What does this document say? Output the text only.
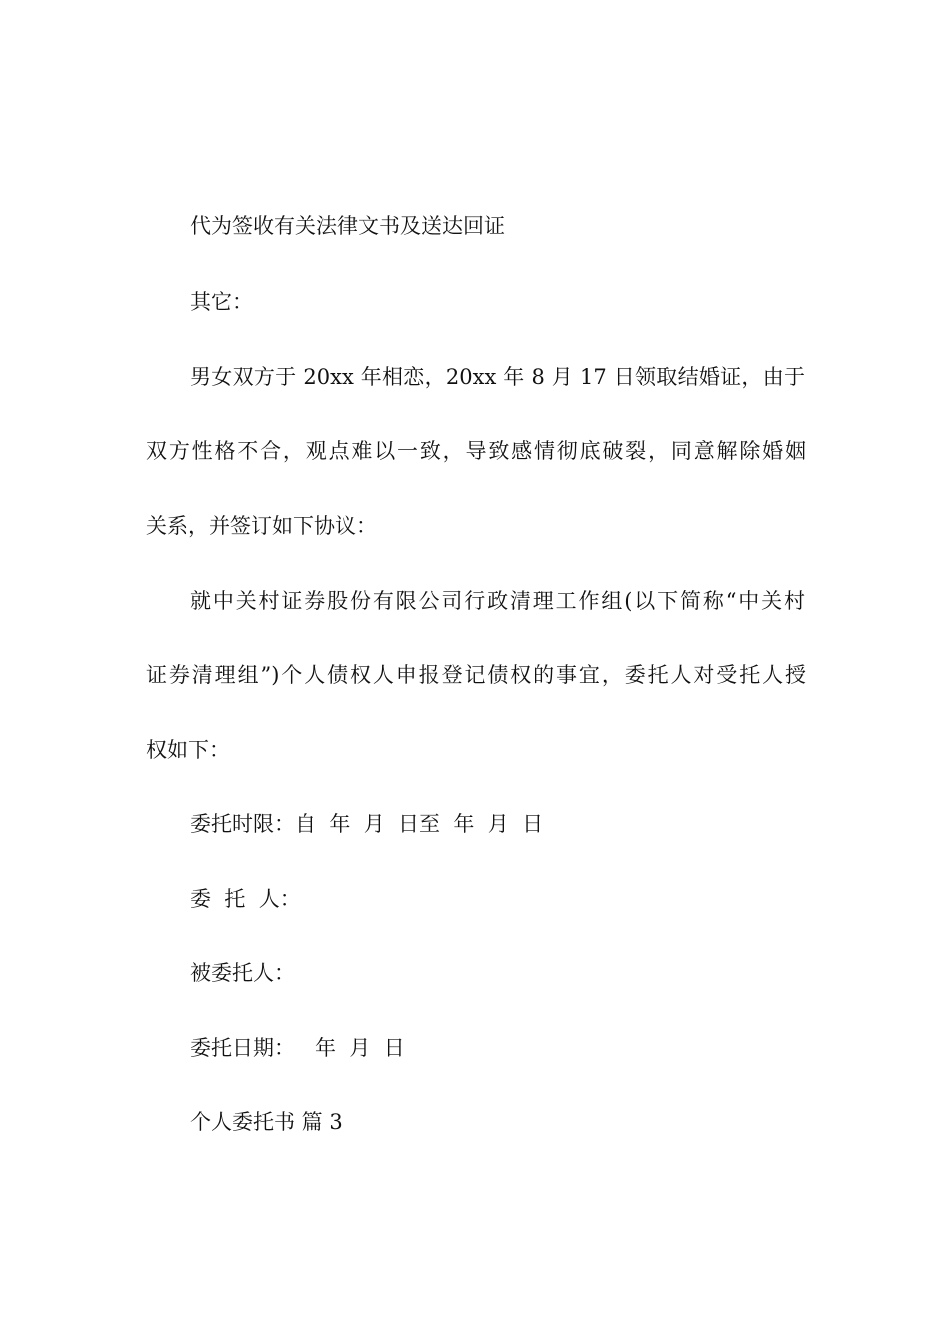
代为签收有关法律文书及送达回证
其它：
男女双方于 20xx 年相恋，20xx 年 8 月 17 日领取结婚证，由于
双方性格不合，观点难以一致，导致感情彻底破裂，同意解除婚姻
关系，并签订如下协议：
就中关村证券股份有限公司行政清理工作组(以下简称“中关村
证券清理组”)个人债权人申报登记债权的事宜，委托人对受托人授
权如下：
委托时限：自  年  月  日至  年  月  日
委  托  人：
被委托人：
委托日期：   年  月  日
个人委托书 篇 3
